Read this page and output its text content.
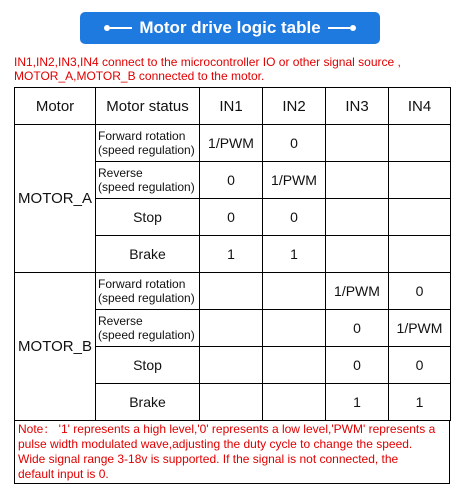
Motor drive logic table
IN1,IN2,IN3,IN4 connect to the microcontroller IO or other signal source ,
MOTOR_A,MOTOR_B connected to the motor.
Motor	Motor status	IN1	IN2	IN3	IN4
MOTOR_A	Forward rotation
(speed regulation)	1/PWM	0		

	Reverse
(speed regulation)	0	1/PWM		
	Stop	0	0		
	Brake	1	1		
MOTOR_B	Forward rotation
(speed regulation)			1/PWM	0

	Reverse
(speed regulation)			0	1/PWM
	Stop			0	0
	Brake			1	1
Note： '1' represents a high level,'0' represents a low level,'PWM' represents a
pulse width modulated wave,adjusting the duty cycle to change the speed.
Wide signal range 3-18v is supported. If the signal is not connected, the
default input is 0.
